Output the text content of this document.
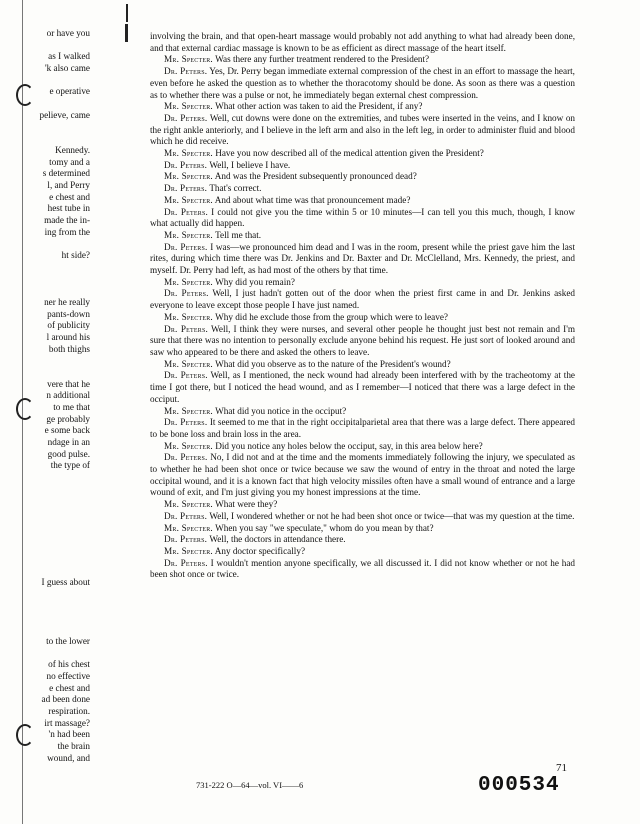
or have you
as I walked
'k also came
e operative
pelieve, came
Kennedy.
tomy and a
s determined
l, and Perry
e chest and
hest tube in
made the in-
ing from the
ht side?
ner he really
pants-down
of publicity
l around his
both thighs
vere that he
n additional
to me that
ge probably
e some back
ndage in an
good pulse.
the type of
I guess about
to the lower
of his chest
no effective
e chest and
ad been done
respiration.
irt massage?
'n had been
the brain
wound, and

involving the brain, and that open-heart massage would probably not add anything to what had already been done, and that external cardiac massage is known to be as efficient as direct massage of the heart itself.

Mr. Specter. Was there any further treatment rendered to the President?

Dr. Peters. Yes, Dr. Perry began immediate external compression of the chest in an effort to massage the heart, even before he asked the question as to whether the thoracotomy should be done. As soon as there was a question as to whether there was a pulse or not, he immediately began external chest compression.

Mr. Specter. What other action was taken to aid the President, if any?

Dr. Peters. Well, cut downs were done on the extremities, and tubes were inserted in the veins, and I know on the right ankle anteriorly, and I believe in the left arm and also in the left leg, in order to administer fluid and blood which he did receive.

Mr. Specter. Have you now described all of the medical attention given the President?

Dr. Peters. Well, I believe I have.

Mr. Specter. And was the President subsequently pronounced dead?

Dr. Peters. That's correct.

Mr. Specter. And about what time was that pronouncement made?

Dr. Peters. I could not give you the time within 5 or 10 minutes—I can tell you this much, though, I know what actually did happen.

Mr. Specter. Tell me that.

Dr. Peters. I was—we pronounced him dead and I was in the room, present while the priest gave him the last rites, during which time there was Dr. Jenkins and Dr. Baxter and Dr. McClelland, Mrs. Kennedy, the priest, and myself. Dr. Perry had left, as had most of the others by that time.

Mr. Specter. Why did you remain?

Dr. Peters. Well, I just hadn't gotten out of the door when the priest first came in and Dr. Jenkins asked everyone to leave except those people I have just named.

Mr. Specter. Why did he exclude those from the group which were to leave?

Dr. Peters. Well, I think they were nurses, and several other people he thought just best not remain and I'm sure that there was no intention to personally exclude anyone behind his request. He just sort of looked around and saw who appeared to be there and asked the others to leave.

Mr. Specter. What did you observe as to the nature of the President's wound?

Dr. Peters. Well, as I mentioned, the neck wound had already been interfered with by the tracheotomy at the time I got there, but I noticed the head wound, and as I remember—I noticed that there was a large defect in the occiput.

Mr. Specter. What did you notice in the occiput?

Dr. Peters. It seemed to me that in the right occipitalparietal area that there was a large defect. There appeared to be bone loss and brain loss in the area.

Mr. Specter. Did you notice any holes below the occiput, say, in this area below here?

Dr. Peters. No, I did not and at the time and the moments immediately following the injury, we speculated as to whether he had been shot once or twice because we saw the wound of entry in the throat and noted the large occipital wound, and it is a known fact that high velocity missiles often have a small wound of entrance and a large wound of exit, and I'm just giving you my honest impressions at the time.

Mr. Specter. What were they?

Dr. Peters. Well, I wondered whether or not he had been shot once or twice—that was my question at the time.

Mr. Specter. When you say "we speculate," whom do you mean by that?

Dr. Peters. Well, the doctors in attendance there.

Mr. Specter. Any doctor specifically?

Dr. Peters. I wouldn't mention anyone specifically, we all discussed it. I did not know whether or not he had been shot once or twice.

731-222 O—64—vol. VI——6
71
000534
